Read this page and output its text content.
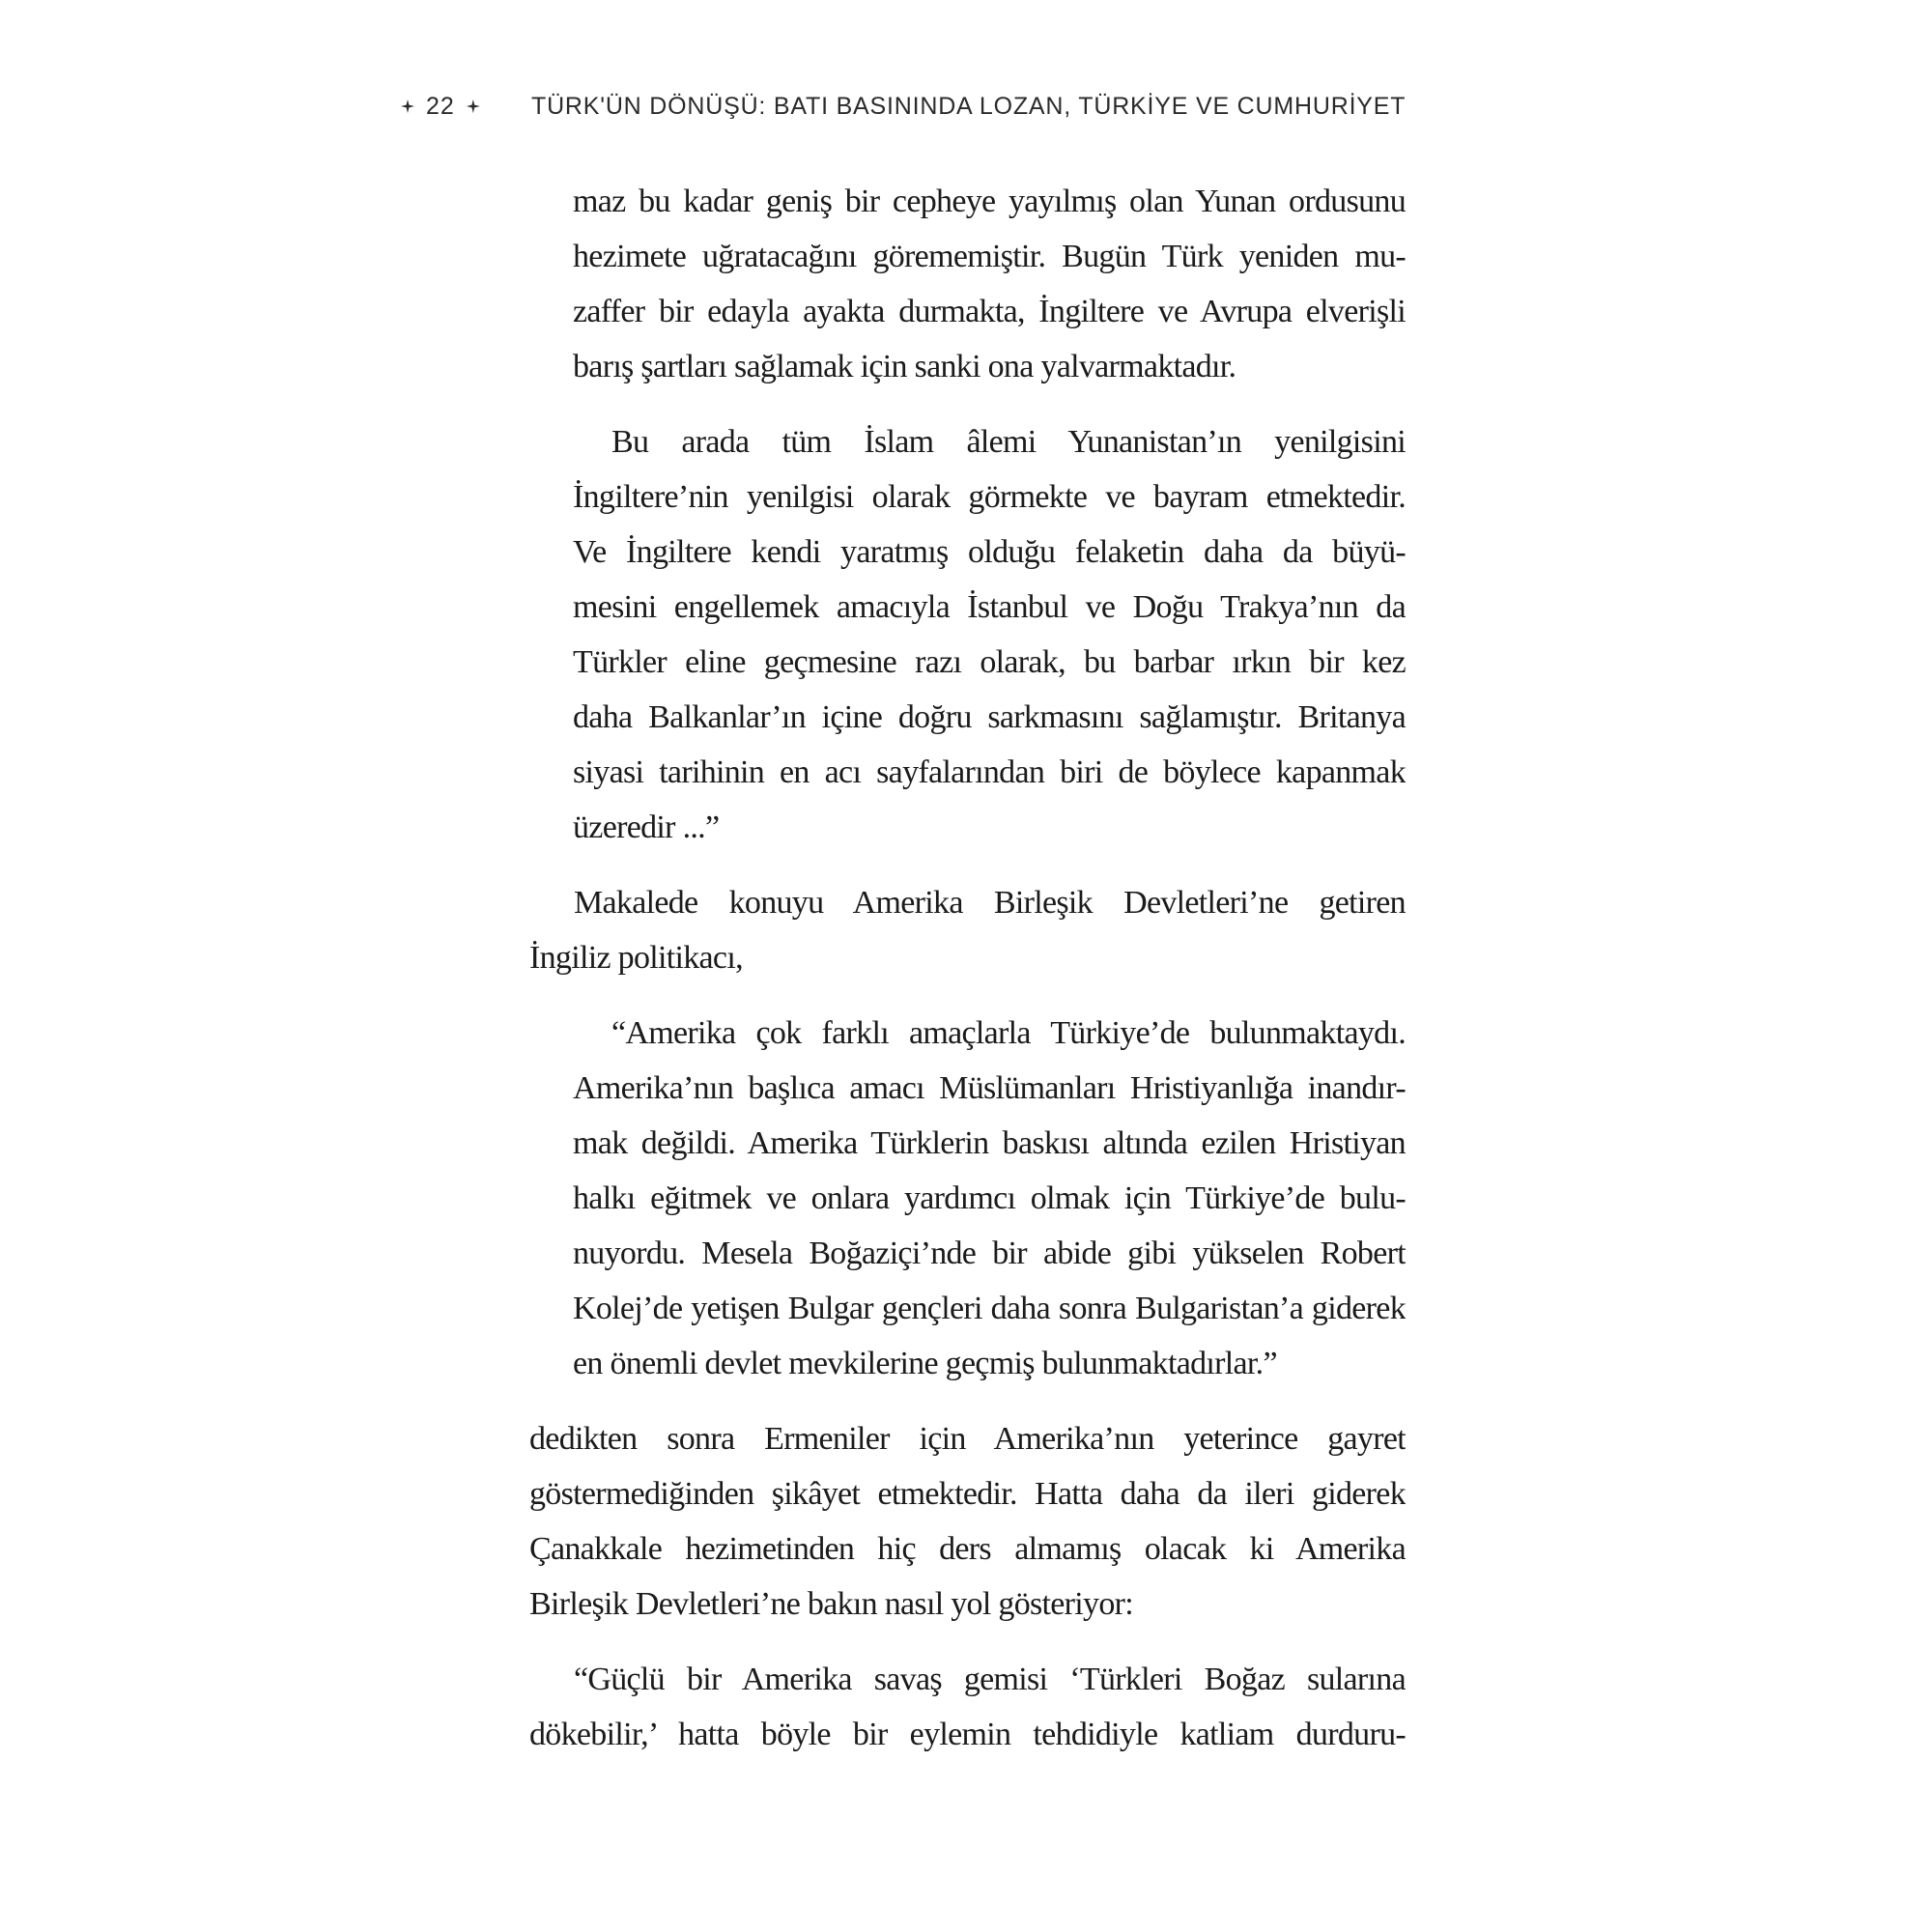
22	TÜRK'ÜN DÖNÜŞÜ: BATI BASININDA LOZAN, TÜRKİYE VE CUMHURİYET
maz bu kadar geniş bir cepheye yayılmış olan Yunan ordusunu
hezimete uğratacağını görememiştir. Bugün Türk yeniden mu-
zaffer bir edayla ayakta durmakta, İngiltere ve Avrupa elverişli
barış şartları sağlamak için sanki ona yalvarmaktadır.
Bu arada tüm İslam âlemi Yunanistan’ın yenilgisini
İngiltere’nin yenilgisi olarak görmekte ve bayram etmektedir.
Ve İngiltere kendi yaratmış olduğu felaketin daha da büyü-
mesini engellemek amacıyla İstanbul ve Doğu Trakya’nın da
Türkler eline geçmesine razı olarak, bu barbar ırkın bir kez
daha Balkanlar’ın içine doğru sarkmasını sağlamıştır. Britanya
siyasi tarihinin en acı sayfalarından biri de böylece kapanmak
üzeredir ...”
Makalede konuyu Amerika Birleşik Devletleri’ne getiren
İngiliz politikacı,
“Amerika çok farklı amaçlarla Türkiye’de bulunmaktaydı.
Amerika’nın başlıca amacı Müslümanları Hristiyanlığa inandır-
mak değildi. Amerika Türklerin baskısı altında ezilen Hristiyan
halkı eğitmek ve onlara yardımcı olmak için Türkiye’de bulu-
nuyordu. Mesela Boğaziçi’nde bir abide gibi yükselen Robert
Kolej’de yetişen Bulgar gençleri daha sonra Bulgaristan’a giderek
en önemli devlet mevkilerine geçmiş bulunmaktadırlar.”
dedikten sonra Ermeniler için Amerika’nın yeterince gayret
göstermediğinden şikâyet etmektedir. Hatta daha da ileri giderek
Çanakkale hezimetinden hiç ders almamış olacak ki Amerika
Birleşik Devletleri’ne bakın nasıl yol gösteriyor:
“Güçlü bir Amerika savaş gemisi ‘Türkleri Boğaz sularına
dökebilir,’ hatta böyle bir eylemin tehdidiyle katliam durduru-
